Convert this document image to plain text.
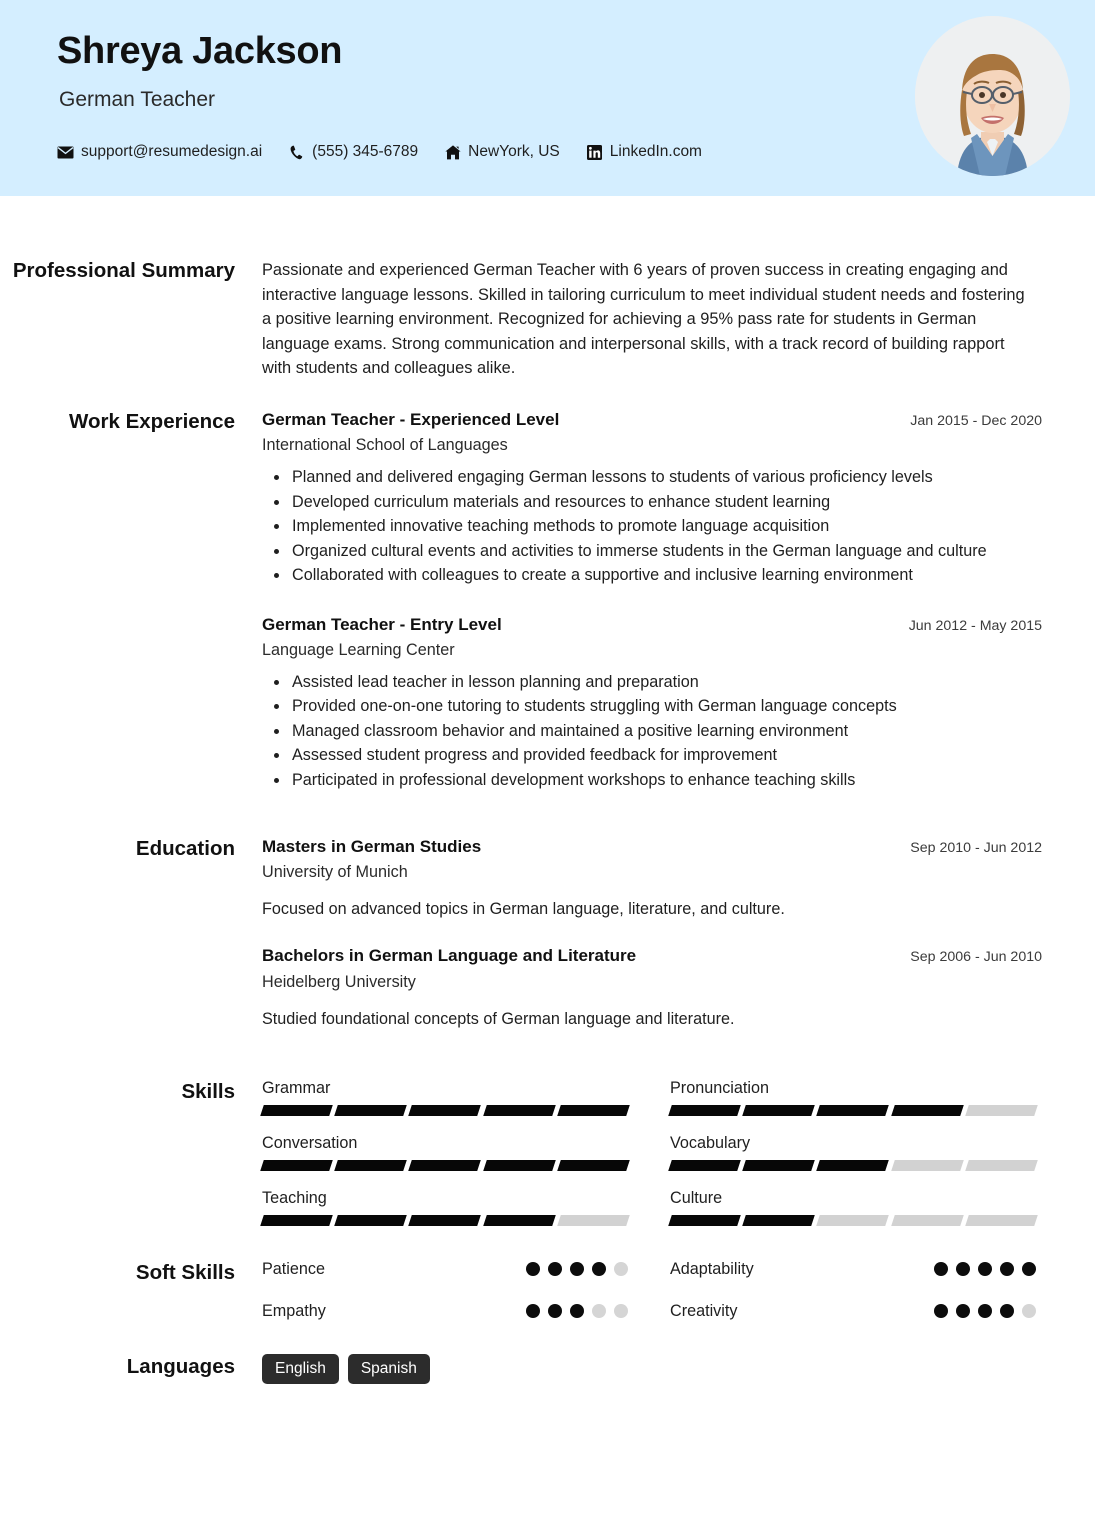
Shreya Jackson
German Teacher
support@resumedesign.ai	(555) 345-6789	NewYork, US	LinkedIn.com
Professional Summary Passionate and experienced German Teacher with 6 years of proven success in creating engaging and interactive language lessons. Skilled in tailoring curriculum to meet individual student needs and fostering a positive learning environment. Recognized for achieving a 95% pass rate for students in German language exams. Strong communication and interpersonal skills, with a track record of building rapport with students and colleagues alike.
Work Experience German Teacher - Experienced Level	Jan 2015 - Dec 2020
International School of Languages
Planned and delivered engaging German lessons to students of various proficiency levels
Developed curriculum materials and resources to enhance student learning
Implemented innovative teaching methods to promote language acquisition
Organized cultural events and activities to immerse students in the German language and culture
Collaborated with colleagues to create a supportive and inclusive learning environment
German Teacher - Entry Level	Jun 2012 - May 2015
Language Learning Center
Assisted lead teacher in lesson planning and preparation
Provided one-on-one tutoring to students struggling with German language concepts
Managed classroom behavior and maintained a positive learning environment
Assessed student progress and provided feedback for improvement
Participated in professional development workshops to enhance teaching skills
Education Masters in German Studies	Sep 2010 - Jun 2012
University of Munich
Focused on advanced topics in German language, literature, and culture.
Bachelors in German Language and Literature	Sep 2006 - Jun 2010
Heidelberg University
Studied foundational concepts of German language and literature.
Skills Grammar	Pronunciation
Conversation	Vocabulary
Teaching	Culture
Soft Skills Patience	Adaptability
Empathy	Creativity
Languages	English	Spanish
